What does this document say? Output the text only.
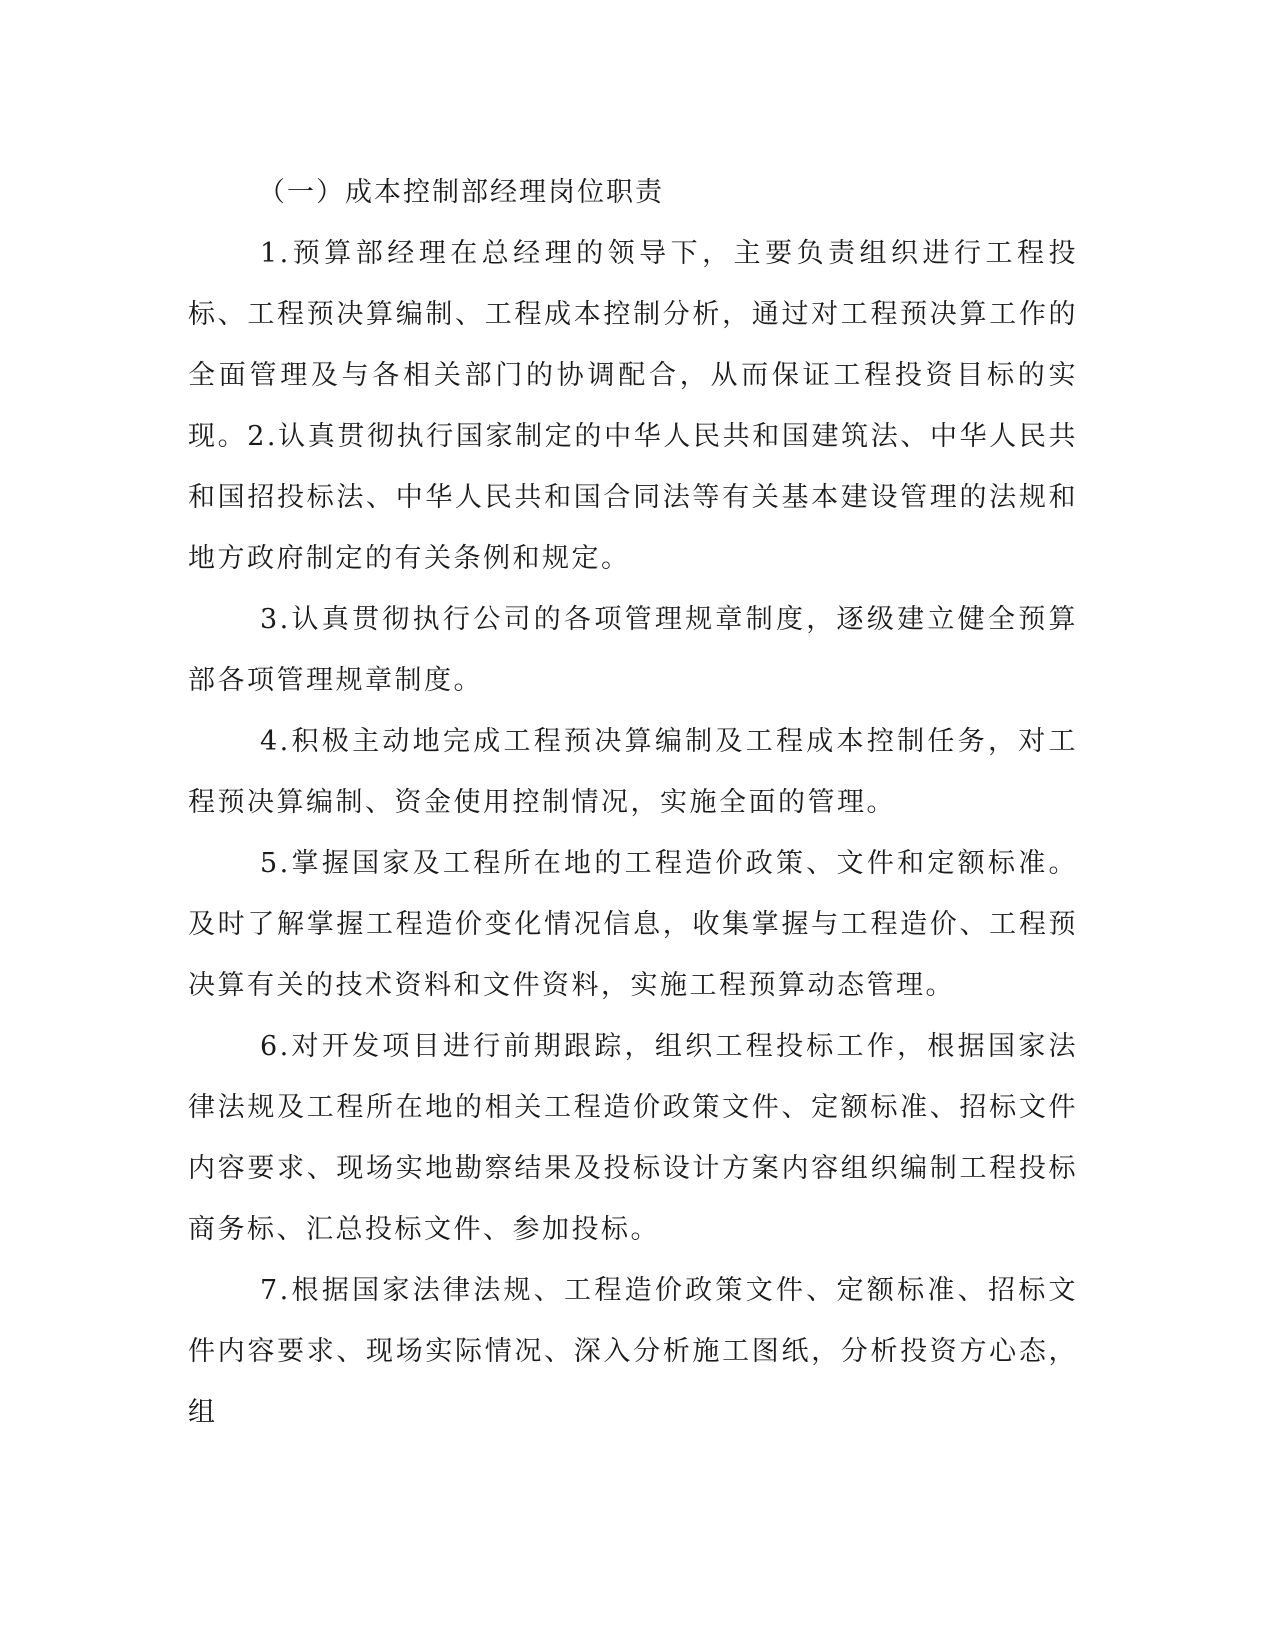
（一）成本控制部经理岗位职责

1.预算部经理在总经理的领导下，主要负责组织进行工程投标、工程预决算编制、工程成本控制分析，通过对工程预决算工作的全面管理及与各相关部门的协调配合，从而保证工程投资目标的实现。2.认真贯彻执行国家制定的中华人民共和国建筑法、中华人民共和国招投标法、中华人民共和国合同法等有关基本建设管理的法规和地方政府制定的有关条例和规定。

3.认真贯彻执行公司的各项管理规章制度，逐级建立健全预算部各项管理规章制度。

4.积极主动地完成工程预决算编制及工程成本控制任务，对工程预决算编制、资金使用控制情况，实施全面的管理。

5.掌握国家及工程所在地的工程造价政策、文件和定额标准。及时了解掌握工程造价变化情况信息，收集掌握与工程造价、工程预决算有关的技术资料和文件资料，实施工程预算动态管理。

6.对开发项目进行前期跟踪，组织工程投标工作，根据国家法律法规及工程所在地的相关工程造价政策文件、定额标准、招标文件内容要求、现场实地勘察结果及投标设计方案内容组织编制工程投标商务标、汇总投标文件、参加投标。

7.根据国家法律法规、工程造价政策文件、定额标准、招标文件内容要求、现场实际情况、深入分析施工图纸，分析投资方心态，组
